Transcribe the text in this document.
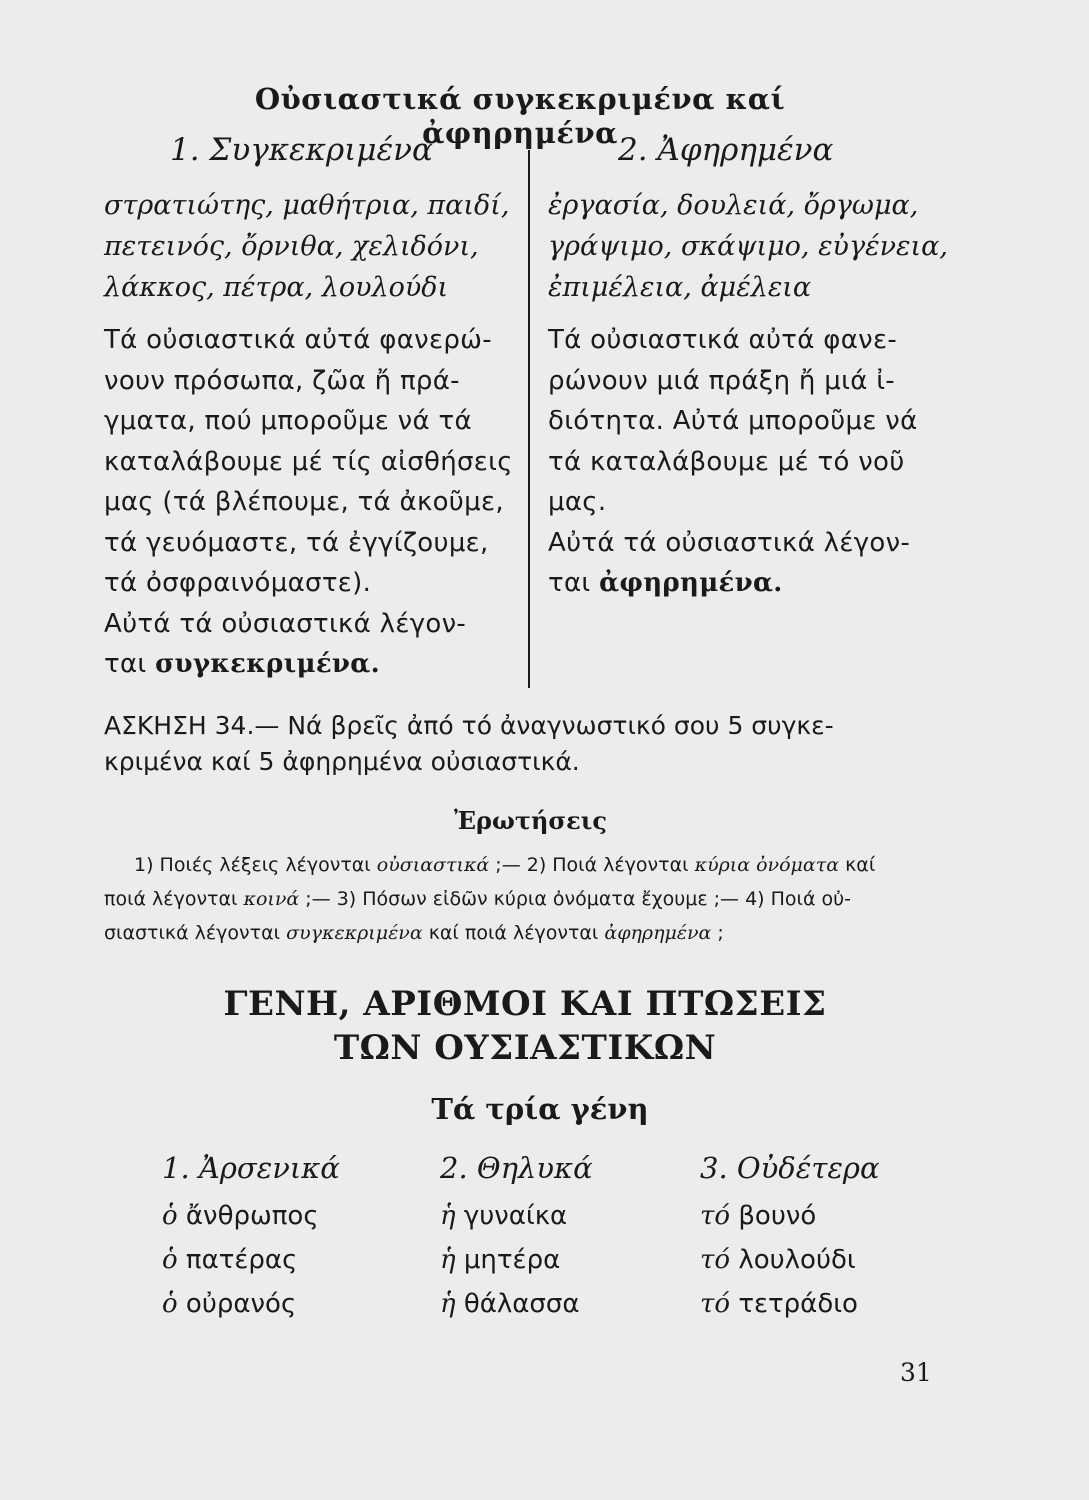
Οὐσιαστικά συγκεκριμένα καί ἀφηρημένα
1. Συγκεκριμένα	2. Ἀφηρημένα
στρατιώτης, μαθήτρια, παιδί,
πετεινός, ὄρνιθα, χελιδόνι,
λάκκος, πέτρα, λουλούδι
Τά οὐσιαστικά αὐτά φανερώ-
νουν πρόσωπα, ζῶα ἤ πρά-
γματα, πού μποροῦμε νά τά
καταλάβουμε μέ τίς αἰσθήσεις
μας (τά βλέπουμε, τά ἀκοῦμε,
τά γευόμαστε, τά ἐγγίζουμε,
τά ὀσφραινόμαστε).
Αὐτά τά οὐσιαστικά λέγον-
ται συγκεκριμένα.
ἐργασία, δουλειά, ὄργωμα,
γράψιμο, σκάψιμο, εὐγένεια,
ἐπιμέλεια, ἀμέλεια
Τά οὐσιαστικά αὐτά φανε-
ρώνουν μιά πράξη ἤ μιά ἰ-
διότητα. Αὐτά μποροῦμε νά
τά καταλάβουμε μέ τό νοῦ
μας.
Αὐτά τά οὐσιαστικά λέγον-
ται ἀφηρημένα.
ΑΣΚΗΣΗ 34.— Νά βρεῖς ἀπό τό ἀναγνωστικό σου 5 συγκε-
κριμένα καί 5 ἀφηρημένα οὐσιαστικά.
Ἐρωτήσεις
1) Ποιές λέξεις λέγονται οὐσιαστικά ;— 2) Ποιά λέγονται κύρια ὀνόματα καί
ποιά λέγονται κοινά ;— 3) Πόσων εἰδῶν κύρια ὀνόματα ἔχουμε ;— 4) Ποιά οὐ-
σιαστικά λέγονται συγκεκριμένα καί ποιά λέγονται ἀφηρημένα ;
ΓΕΝΗ, ΑΡΙΘΜΟΙ ΚΑΙ ΠΤΩΣΕΙΣ
ΤΩΝ ΟΥΣΙΑΣΤΙΚΩΝ
Τά τρία γένη
1. Ἀρσενικά
ὁ ἄνθρωπος
ὁ πατέρας
ὁ οὐρανός
2. Θηλυκά
ἡ γυναίκα
ἡ μητέρα
ἡ θάλασσα
3. Οὐδέτερα
τό βουνό
τό λουλούδι
τό τετράδιο
31
